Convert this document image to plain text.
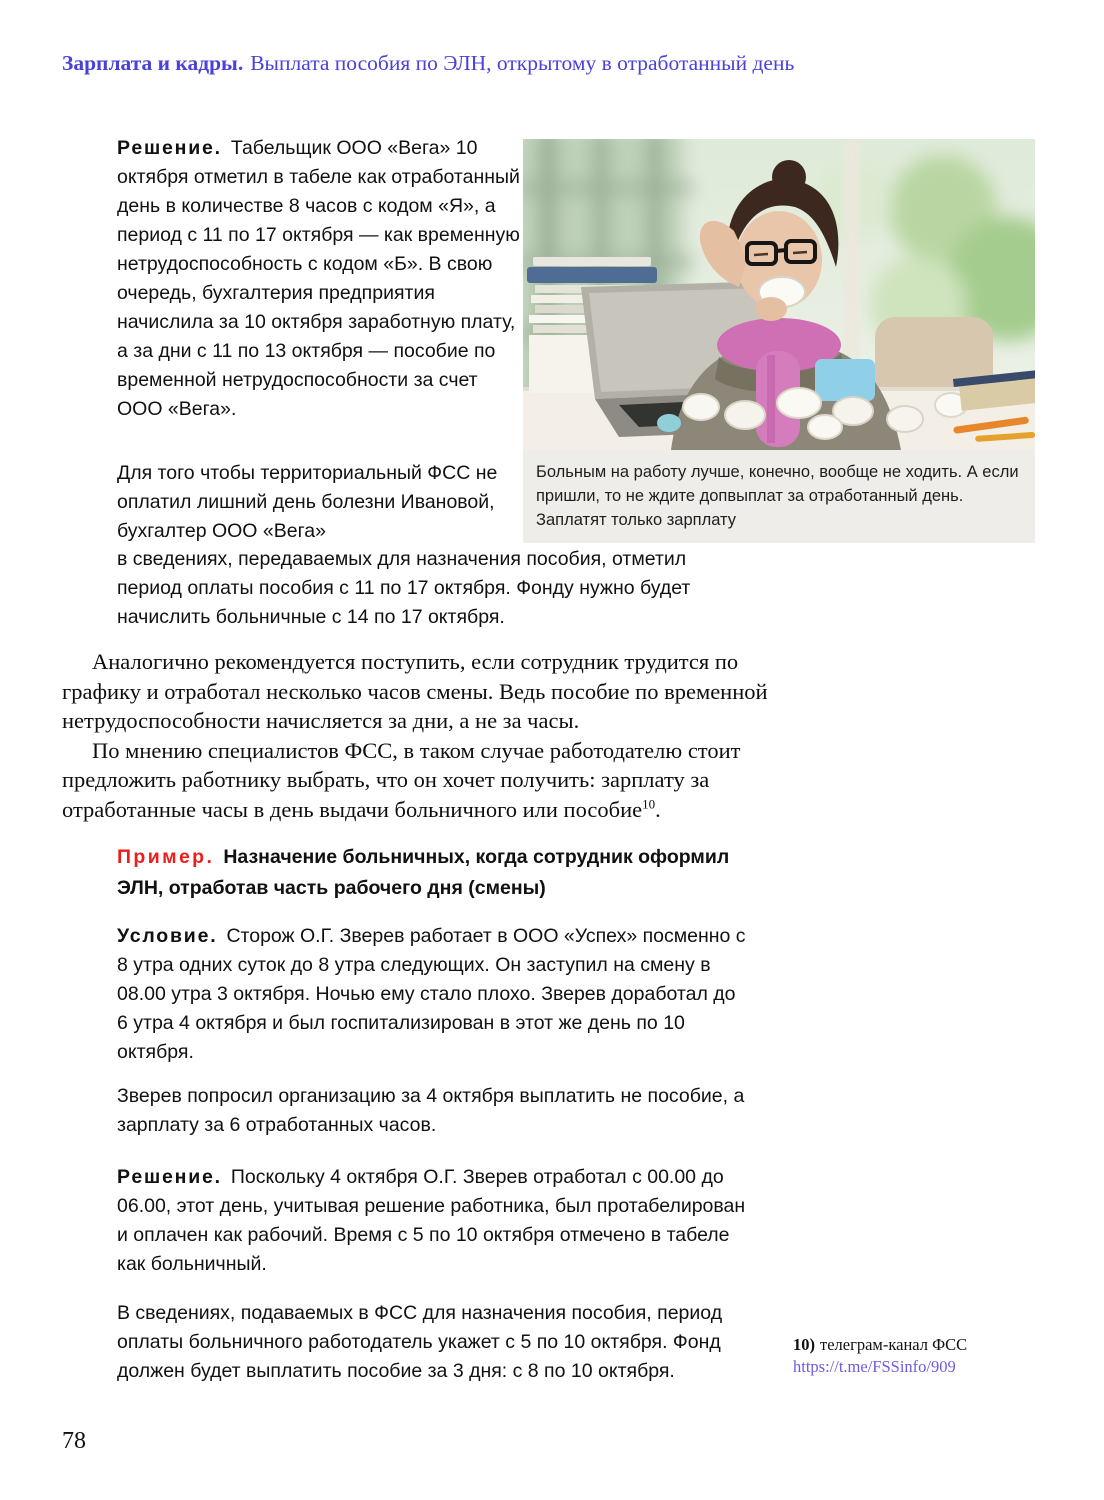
Зарплата и кадры. Выплата пособия по ЭЛН, открытому в отработанный день
Решение. Табельщик ООО «Вега» 10 октября отметил в табеле как отработанный день в количестве 8 часов с кодом «Я», а период с 11 по 17 октября — как временную нетрудоспособность с кодом «Б». В свою очередь, бухгалтерия предприятия начислила за 10 октября заработную плату, а за дни с 11 по 13 октября — пособие по временной нетрудоспособности за счет ООО «Вега».
Для того чтобы территориальный ФСС не оплатил лишний день болезни Ивановой, бухгалтер ООО «Вега»
в сведениях, передаваемых для назначения пособия, отметил период оплаты пособия с 11 по 17 октября. Фонду нужно будет начислить больничные с 14 по 17 октября.
Больным на работу лучше, конечно, вообще не ходить. А если пришли, то не ждите допвыплат за отработанный день. Заплатят только зарплату

Аналогично рекомендуется поступить, если сотрудник трудится по графику и отработал несколько часов смены. Ведь пособие по временной нетрудоспособности начисляется за дни, а не за часы.

По мнению специалистов ФСС, в таком случае работодателю стоит предложить работнику выбрать, что он хочет получить: зарплату за отработанные часы в день выдачи больничного или пособие$^{10}$.

Пример. Назначение больничных, когда сотрудник оформил ЭЛН, отработав часть рабочего дня (смены)
Условие. Сторож О.Г. Зверев работает в ООО «Успех» посменно с 8 утра одних суток до 8 утра следующих. Он заступил на смену в 08.00 утра 3 октября. Ночью ему стало плохо. Зверев доработал до 6 утра 4 октября и был госпитализирован в этот же день по 10 октября.
Зверев попросил организацию за 4 октября выплатить не пособие, а зарплату за 6 отработанных часов.
Решение. Поскольку 4 октября О.Г. Зверев отработал с 00.00 до 06.00, этот день, учитывая решение работника, был протабелирован и оплачен как рабочий. Время с 5 по 10 октября отмечено в табеле как больничный.
В сведениях, подаваемых в ФСС для назначения пособия, период оплаты больничного работодатель укажет с 5 по 10 октября. Фонд должен будет выплатить пособие за 3 дня: с 8 по 10 октября.
10) телеграм-канал ФСС
https://t.me/FSSinfo/909
78
